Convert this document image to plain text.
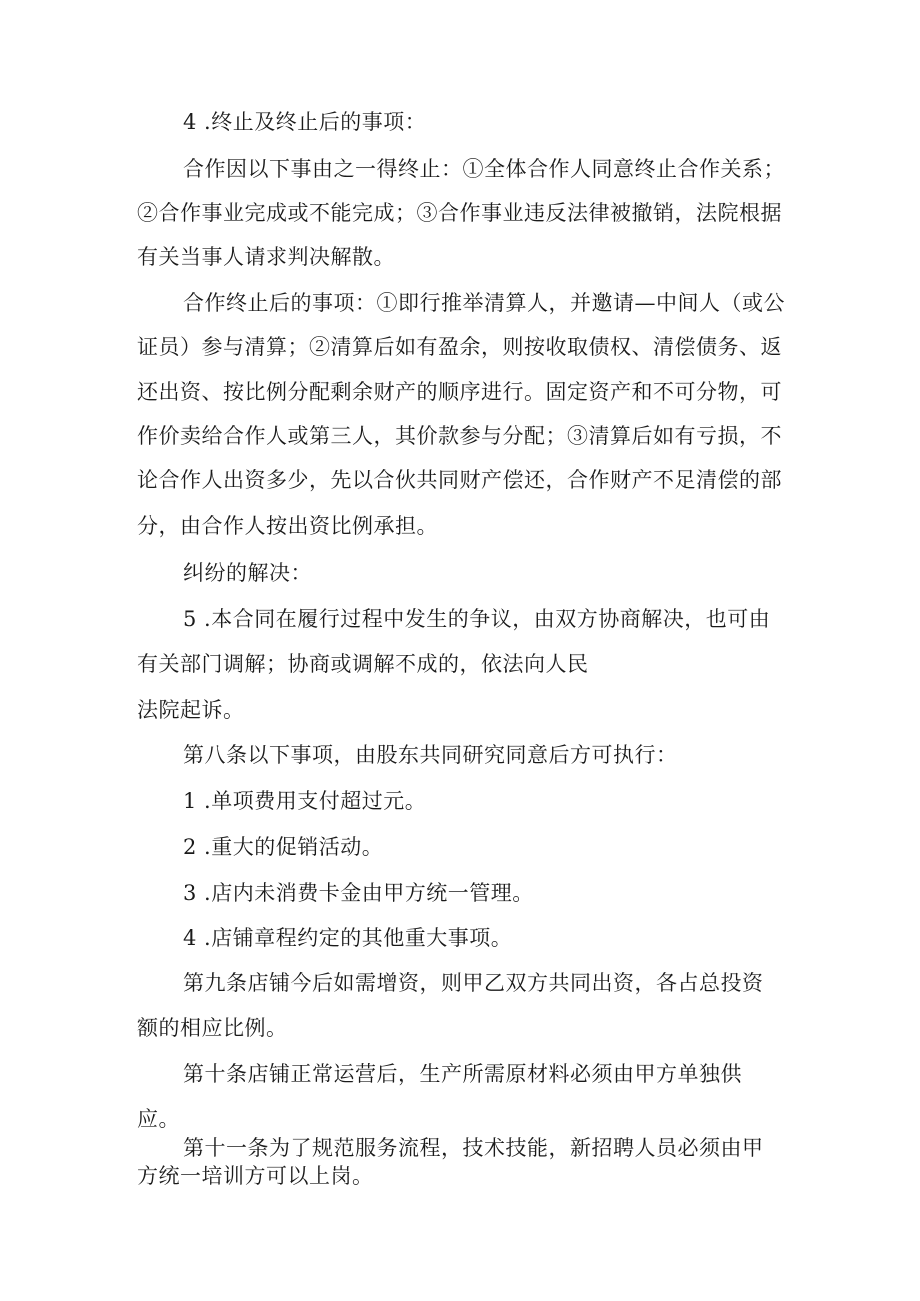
4 .终止及终止后的事项：
合作因以下事由之一得终止：①全体合作人同意终止合作关系；
②合作事业完成或不能完成；③合作事业违反法律被撤销，法院根据
有关当事人请求判决解散。
合作终止后的事项：①即行推举清算人，并邀请—中间人（或公
证员）参与清算；②清算后如有盈余，则按收取债权、清偿债务、返
还出资、按比例分配剩余财产的顺序进行。固定资产和不可分物，可
作价卖给合作人或第三人，其价款参与分配；③清算后如有亏损，不
论合作人出资多少，先以合伙共同财产偿还，合作财产不足清偿的部
分，由合作人按出资比例承担。
纠纷的解决：
5 .本合同在履行过程中发生的争议，由双方协商解决，也可由
有关部门调解；协商或调解不成的，依法向人民
法院起诉。
第八条以下事项，由股东共同研究同意后方可执行：
1 .单项费用支付超过元。
2 .重大的促销活动。
3 .店内未消费卡金由甲方统一管理。
4 .店铺章程约定的其他重大事项。
第九条店铺今后如需增资，则甲乙双方共同出资，各占总投资
额的相应比例。
第十条店铺正常运营后，生产所需原材料必须由甲方单独供
应。
第十一条为了规范服务流程，技术技能，新招聘人员必须由甲
方统一培训方可以上岗。
